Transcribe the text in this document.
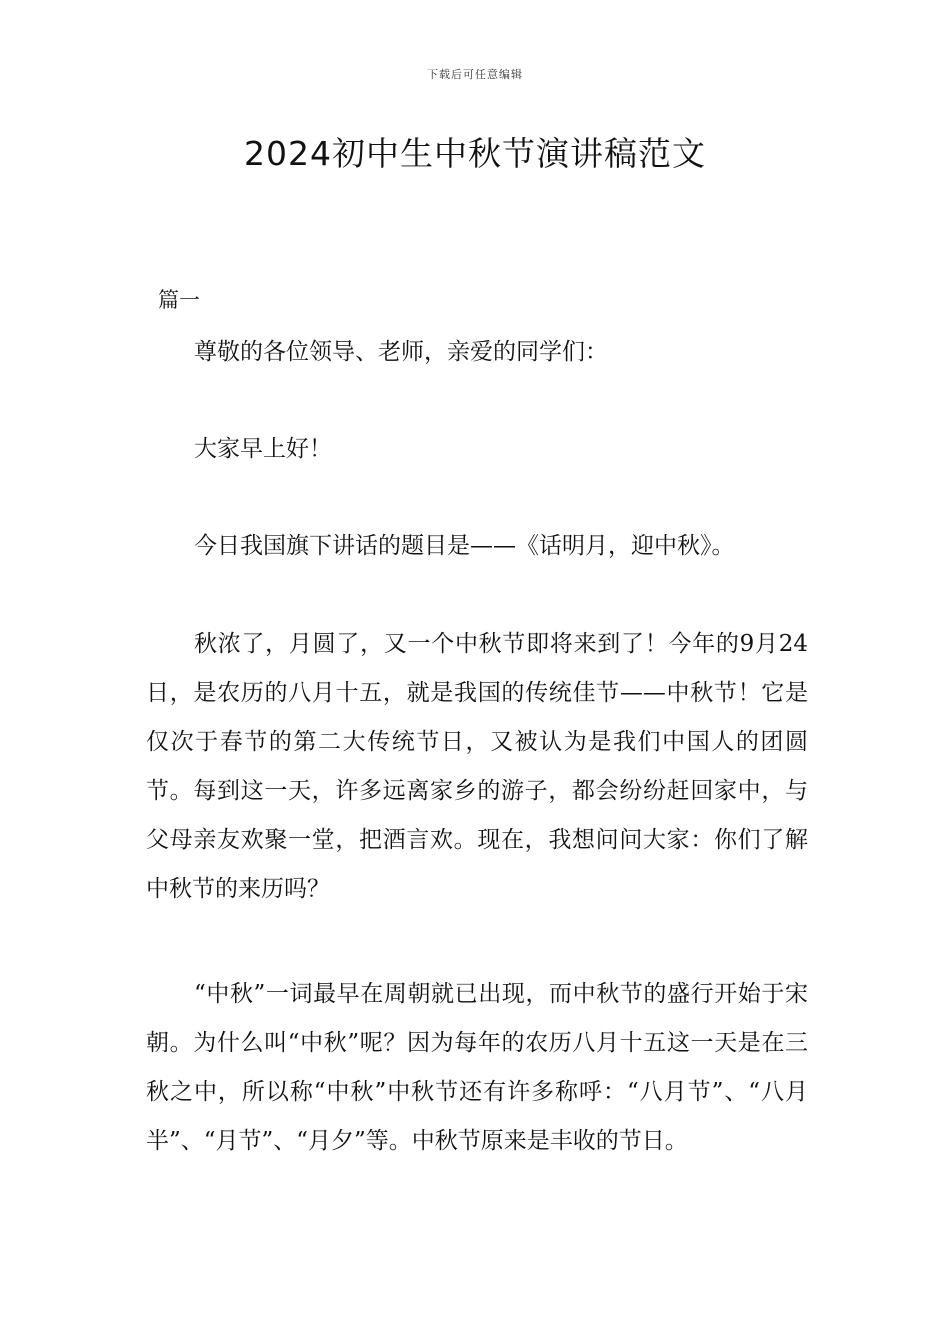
下载后可任意编辑
2024初中生中秋节演讲稿范文
篇一
尊敬的各位领导、老师，亲爱的同学们：
大家早上好！
今日我国旗下讲话的题目是——《话明月，迎中秋》。
秋浓了，月圆了，又一个中秋节即将来到了！今年的9月24日，是农历的八月十五，就是我国的传统佳节——中秋节！它是仅次于春节的第二大传统节日，又被认为是我们中国人的团圆节。每到这一天，许多远离家乡的游子，都会纷纷赶回家中，与父母亲友欢聚一堂，把酒言欢。现在，我想问问大家：你们了解中秋节的来历吗？
“中秋”一词最早在周朝就已出现，而中秋节的盛行开始于宋朝。为什么叫“中秋”呢？因为每年的农历八月十五这一天是在三秋之中，所以称“中秋”中秋节还有许多称呼：“八月节”、“八月半”、“月节”、“月夕”等。中秋节原来是丰收的节日。
